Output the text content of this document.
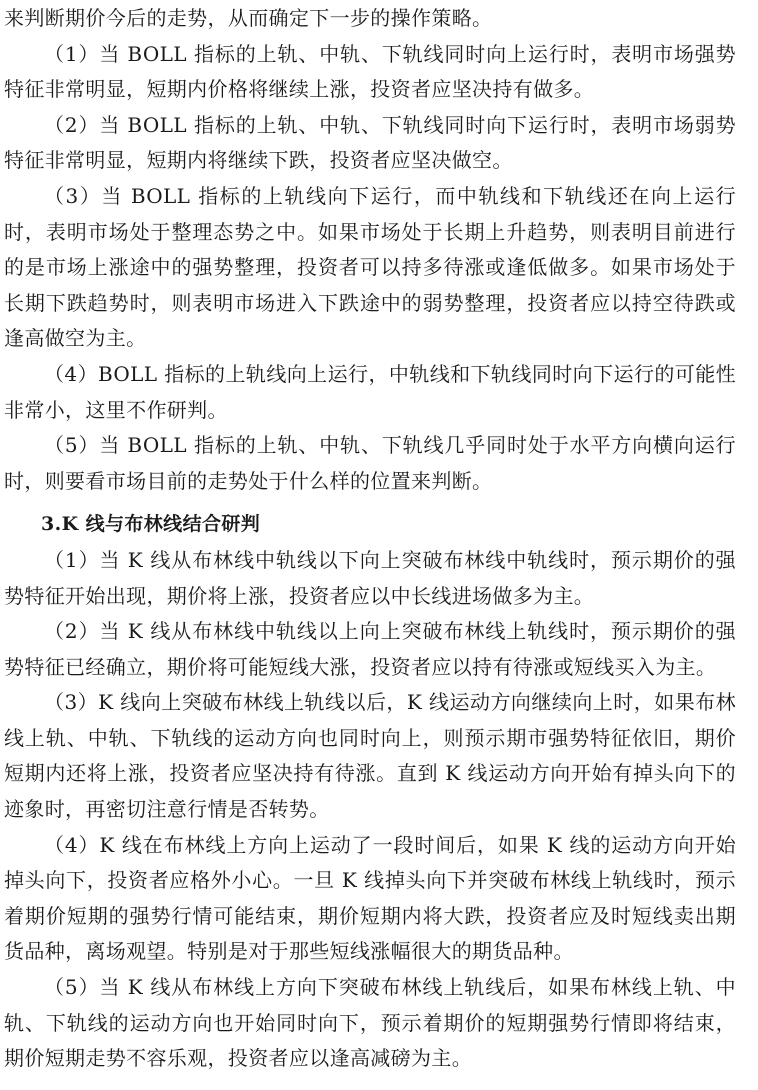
来判断期价今后的走势，从而确定下一步的操作策略。

（1）当 BOLL 指标的上轨、中轨、下轨线同时向上运行时，表明市场强势特征非常明显，短期内价格将继续上涨，投资者应坚决持有做多。

（2）当 BOLL 指标的上轨、中轨、下轨线同时向下运行时，表明市场弱势特征非常明显，短期内将继续下跌，投资者应坚决做空。

（3）当 BOLL 指标的上轨线向下运行，而中轨线和下轨线还在向上运行时，表明市场处于整理态势之中。如果市场处于长期上升趋势，则表明目前进行的是市场上涨途中的强势整理，投资者可以持多待涨或逢低做多。如果市场处于长期下跌趋势时，则表明市场进入下跌途中的弱势整理，投资者应以持空待跌或逢高做空为主。

（4）BOLL 指标的上轨线向上运行，中轨线和下轨线同时向下运行的可能性非常小，这里不作研判。

（5）当 BOLL 指标的上轨、中轨、下轨线几乎同时处于水平方向横向运行时，则要看市场目前的走势处于什么样的位置来判断。

3.K 线与布林线结合研判

（1）当 K 线从布林线中轨线以下向上突破布林线中轨线时，预示期价的强势特征开始出现，期价将上涨，投资者应以中长线进场做多为主。

（2）当 K 线从布林线中轨线以上向上突破布林线上轨线时，预示期价的强势特征已经确立，期价将可能短线大涨，投资者应以持有待涨或短线买入为主。

（3）K 线向上突破布林线上轨线以后，K 线运动方向继续向上时，如果布林线上轨、中轨、下轨线的运动方向也同时向上，则预示期市强势特征依旧，期价短期内还将上涨，投资者应坚决持有待涨。直到 K 线运动方向开始有掉头向下的迹象时，再密切注意行情是否转势。

（4）K 线在布林线上方向上运动了一段时间后，如果 K 线的运动方向开始掉头向下，投资者应格外小心。一旦 K 线掉头向下并突破布林线上轨线时，预示着期价短期的强势行情可能结束，期价短期内将大跌，投资者应及时短线卖出期货品种，离场观望。特别是对于那些短线涨幅很大的期货品种。

（5）当 K 线从布林线上方向下突破布林线上轨线后，如果布林线上轨、中轨、下轨线的运动方向也开始同时向下，预示着期价的短期强势行情即将结束，期价短期走势不容乐观，投资者应以逢高减磅为主。
